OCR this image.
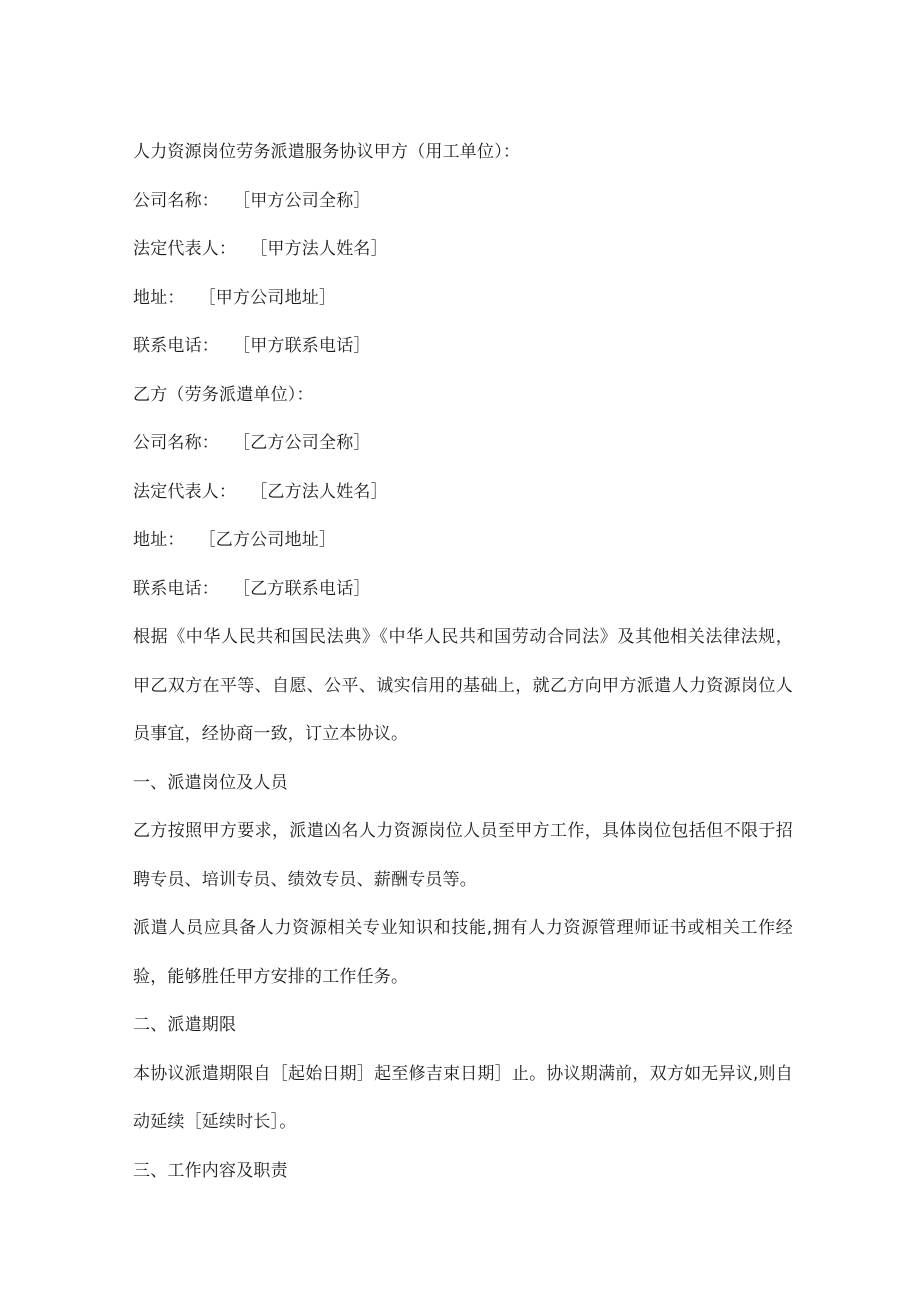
人力资源岗位劳务派遣服务协议甲方（用工单位）：
公司名称： ［甲方公司全称］
法定代表人： ［甲方法人姓名］
地址： ［甲方公司地址］
联系电话： ［甲方联系电话］
乙方（劳务派遣单位）：
公司名称： ［乙方公司全称］
法定代表人： ［乙方法人姓名］
地址： ［乙方公司地址］
联系电话： ［乙方联系电话］
根据《中华人民共和国民法典》《中华人民共和国劳动合同法》及其他相关法律法规，甲乙双方在平等、自愿、公平、诚实信用的基础上，就乙方向甲方派遣人力资源岗位人员事宜，经协商一致，订立本协议。
一、派遣岗位及人员
乙方按照甲方要求，派遣凶名人力资源岗位人员至甲方工作，具体岗位包括但不限于招聘专员、培训专员、绩效专员、薪酬专员等。
派遣人员应具备人力资源相关专业知识和技能,拥有人力资源管理师证书或相关工作经验，能够胜任甲方安排的工作任务。
二、派遣期限
本协议派遣期限自［起始日期］起至修吉束日期］止。协议期满前，双方如无异议,则自动延续［延续时长］。
三、工作内容及职责
